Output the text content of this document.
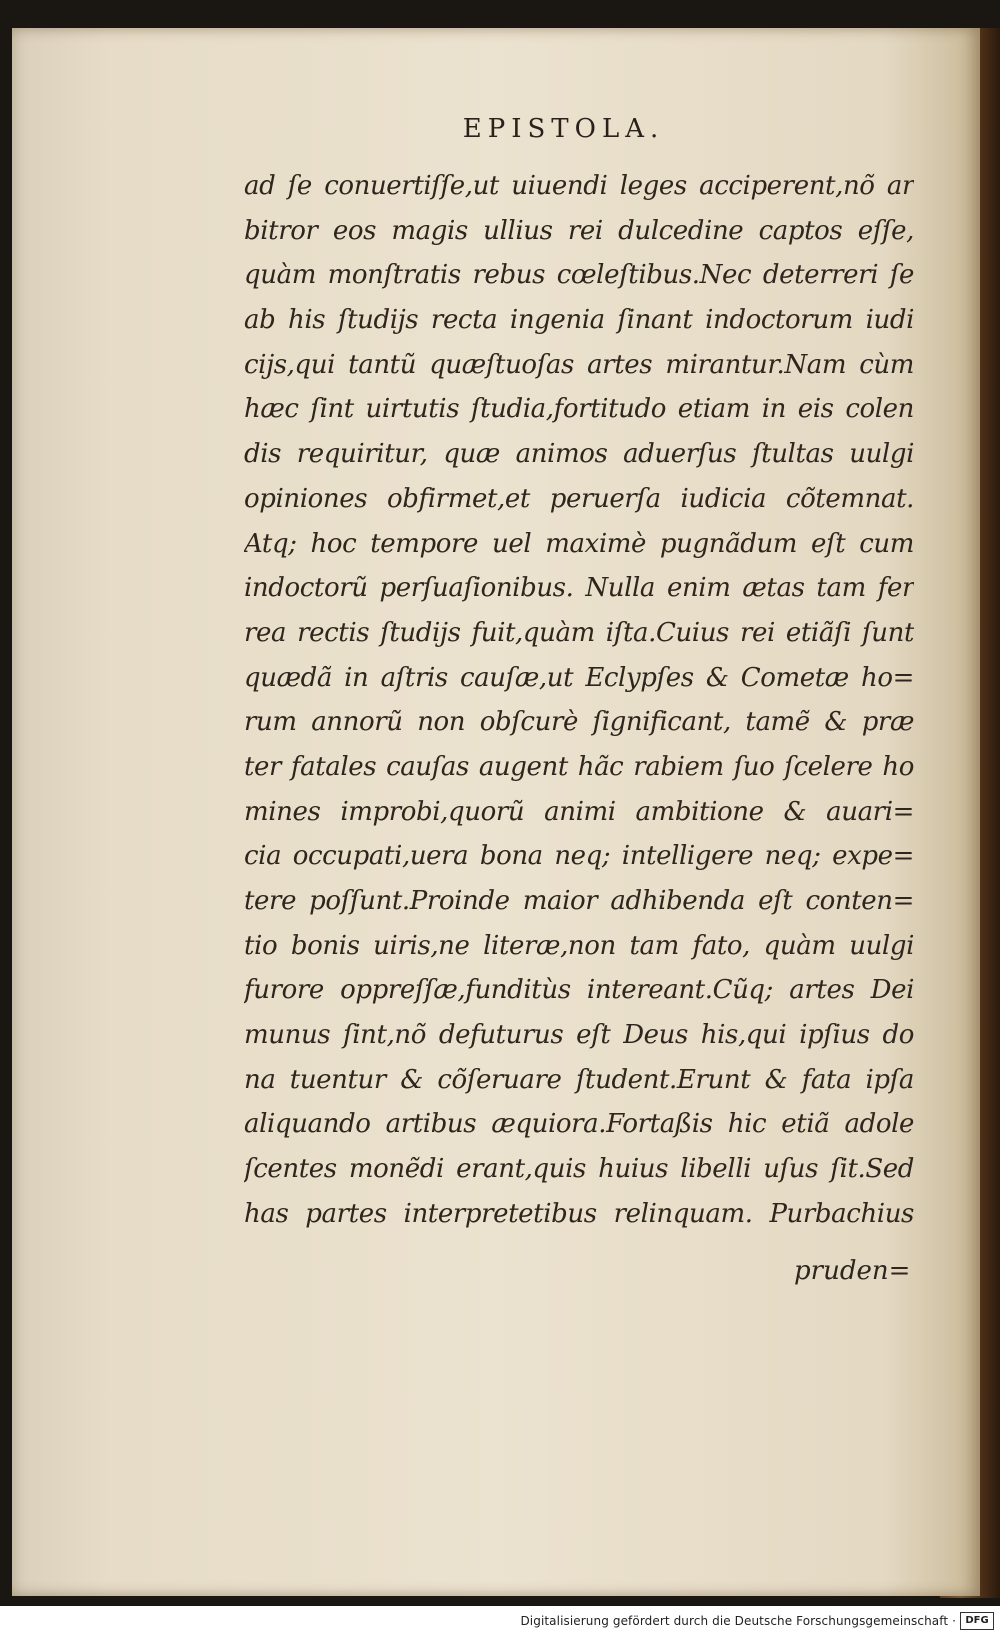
EPISTOLA.
ad ſe conuertiſſe,ut uiuendi leges acciperent,nõ ar
bitror eos magis ullius rei dulcedine captos eſſe,
quàm monſtratis rebus cœleſtibus.Nec deterreri ſe
ab his ſtudijs recta ingenia ſinant indoctorum iudi
cijs,qui tantũ quæſtuoſas artes mirantur.Nam cùm
hæc ſint uirtutis ſtudia,fortitudo etiam in eis colen
dis requiritur, quæ animos aduerſus ſtultas uulgi
opiniones obfirmet,et peruerſa iudicia cõtemnat.
Atq; hoc tempore uel maximè pugnãdum eſt cum
indoctorũ perſuaſionibus. Nulla enim ætas tam fer
rea rectis ſtudijs fuit,quàm iſta.Cuius rei etiãſi ſunt
quædã in aſtris cauſæ,ut Eclypſes & Cometæ ho=
rum annorũ non obſcurè ſignificant, tamẽ & præ
ter fatales cauſas augent hãc rabiem ſuo ſcelere ho
mines improbi,quorũ animi ambitione & auari=
cia occupati,uera bona neq; intelligere neq; expe=
tere poſſunt.Proinde maior adhibenda eſt conten=
tio bonis uiris,ne literæ,non tam fato, quàm uulgi
furore oppreſſæ,funditùs intereant.Cũq; artes Dei
munus ſint,nõ defuturus eſt Deus his,qui ipſius do
na tuentur & cõſeruare ſtudent.Erunt & fata ipſa
aliquando artibus æquiora.Fortaßis hic etiã adole
ſcentes monẽdi erant,quis huius libelli uſus ſit.Sed
has partes interpretetibus relinquam. Purbachius
pruden=
Digitalisierung gefördert durch die Deutsche Forschungsgemeinschaft · DFG
